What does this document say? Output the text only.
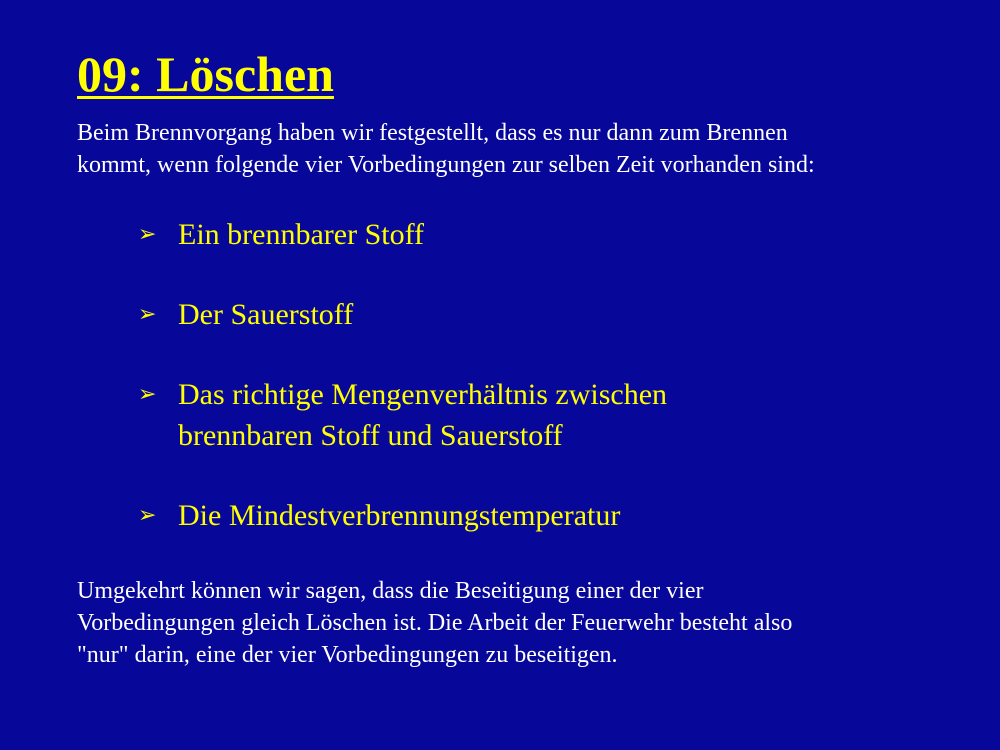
09: Löschen
Beim Brennvorgang haben wir festgestellt, dass es nur dann zum Brennen
kommt, wenn folgende vier Vorbedingungen zur selben Zeit vorhanden sind:
➢ Ein brennbarer Stoff
➢ Der Sauerstoff
➢ Das richtige Mengenverhältnis zwischen
brennbaren Stoff und Sauerstoff
➢ Die Mindestverbrennungstemperatur
Umgekehrt können wir sagen, dass die Beseitigung einer der vier
Vorbedingungen gleich Löschen ist. Die Arbeit der Feuerwehr besteht also
"nur" darin, eine der vier Vorbedingungen zu beseitigen.
